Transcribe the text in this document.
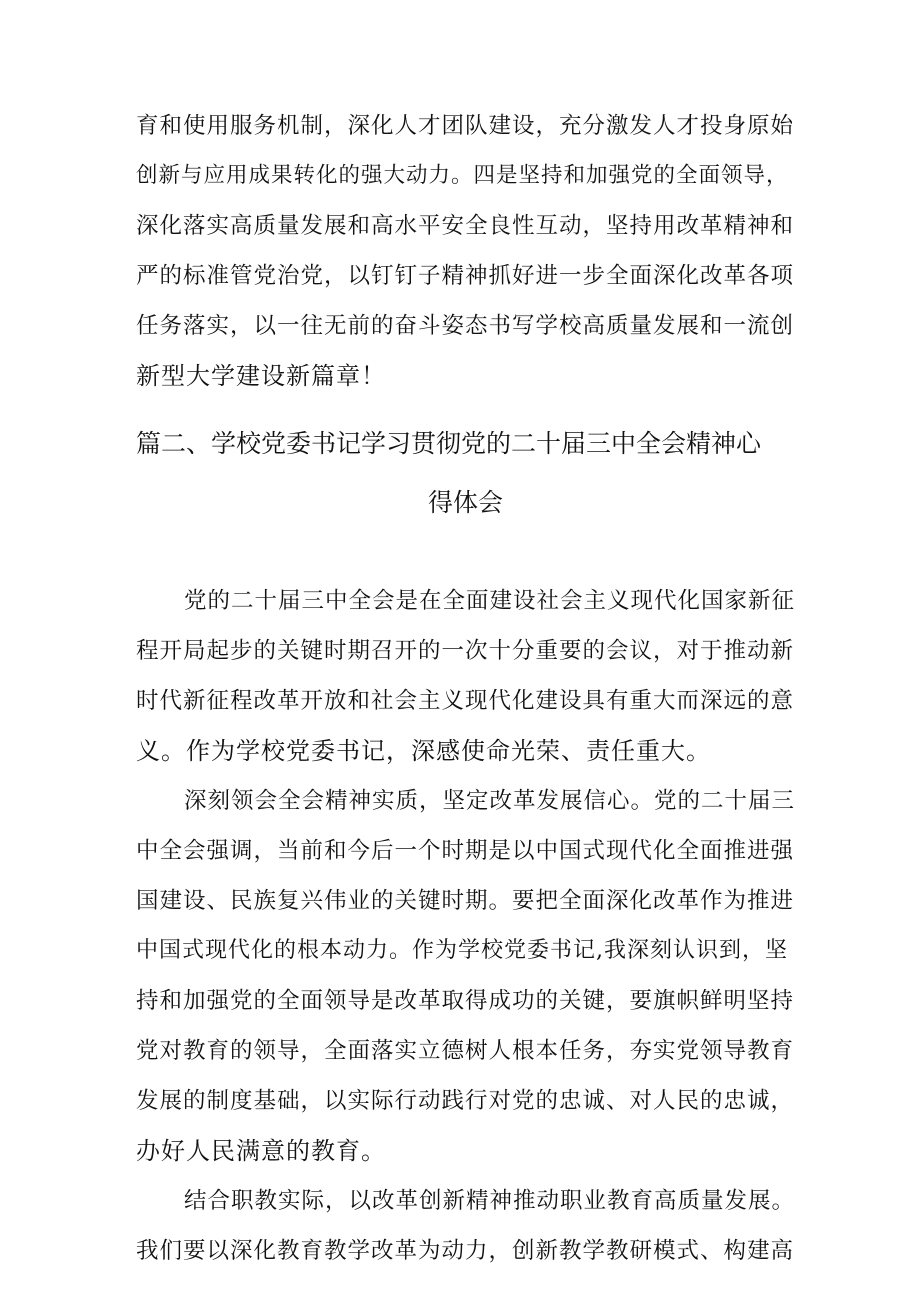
育和使用服务机制，深化人才团队建设，充分激发人才投身原始
创新与应用成果转化的强大动力。四是坚持和加强党的全面领导，
深化落实高质量发展和高水平安全良性互动，坚持用改革精神和
严的标准管党治党，以钉钉子精神抓好进一步全面深化改革各项
任务落实，以一往无前的奋斗姿态书写学校高质量发展和一流创
新型大学建设新篇章！
篇二、学校党委书记学习贯彻党的二十届三中全会精神心
得体会
党的二十届三中全会是在全面建设社会主义现代化国家新征
程开局起步的关键时期召开的一次十分重要的会议，对于推动新
时代新征程改革开放和社会主义现代化建设具有重大而深远的意
义。作为学校党委书记，深感使命光荣、责任重大。
深刻领会全会精神实质，坚定改革发展信心。党的二十届三
中全会强调，当前和今后一个时期是以中国式现代化全面推进强
国建设、民族复兴伟业的关键时期。要把全面深化改革作为推进
中国式现代化的根本动力。作为学校党委书记,我深刻认识到，坚
持和加强党的全面领导是改革取得成功的关键，要旗帜鲜明坚持
党对教育的领导，全面落实立德树人根本任务，夯实党领导教育
发展的制度基础，以实际行动践行对党的忠诚、对人民的忠诚，
办好人民满意的教育。
结合职教实际，以改革创新精神推动职业教育高质量发展。
我们要以深化教育教学改革为动力，创新教学教研模式、构建高
